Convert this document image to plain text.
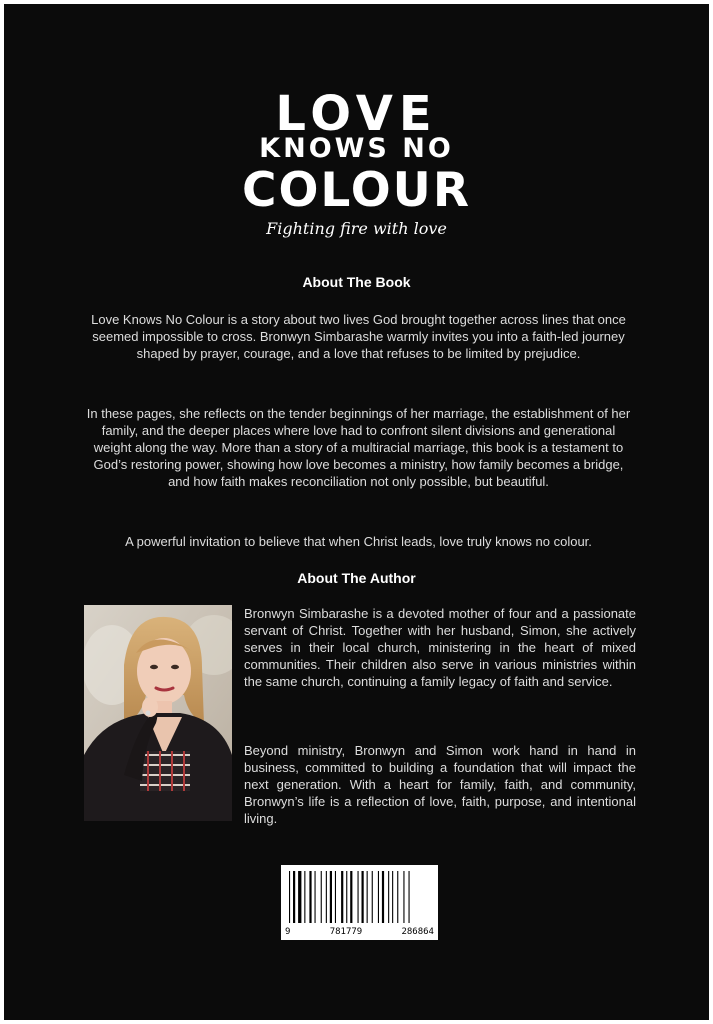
LOVE
KNOWS NO
COLOUR
Fighting fire with love
About The Book

Love Knows No Colour is a story about two lives God brought together across lines that once seemed impossible to cross. Bronwyn Simbarashe warmly invites you into a faith-led journey shaped by prayer, courage, and a love that refuses to be limited by prejudice.

In these pages, she reflects on the tender beginnings of her marriage, the establishment of her family, and the deeper places where love had to confront silent divisions and generational weight along the way. More than a story of a multiracial marriage, this book is a testament to God’s restoring power, showing how love becomes a ministry, how family becomes a bridge, and how faith makes reconciliation not only possible, but beautiful.

A powerful invitation to believe that when Christ leads, love truly knows no colour.

About The Author

Bronwyn Simbarashe is a devoted mother of four and a passionate servant of Christ. Together with her husband, Simon, she actively serves in their local church, ministering in the heart of mixed communities. Their children also serve in various ministries within the same church, continuing a family legacy of faith and service.

Beyond ministry, Bronwyn and Simon work hand in hand in business, committed to building a foundation that will impact the next generation. With a heart for family, faith, and community, Bronwyn’s life is a reflection of love, faith, purpose, and intentional living.

9	781779	286864
